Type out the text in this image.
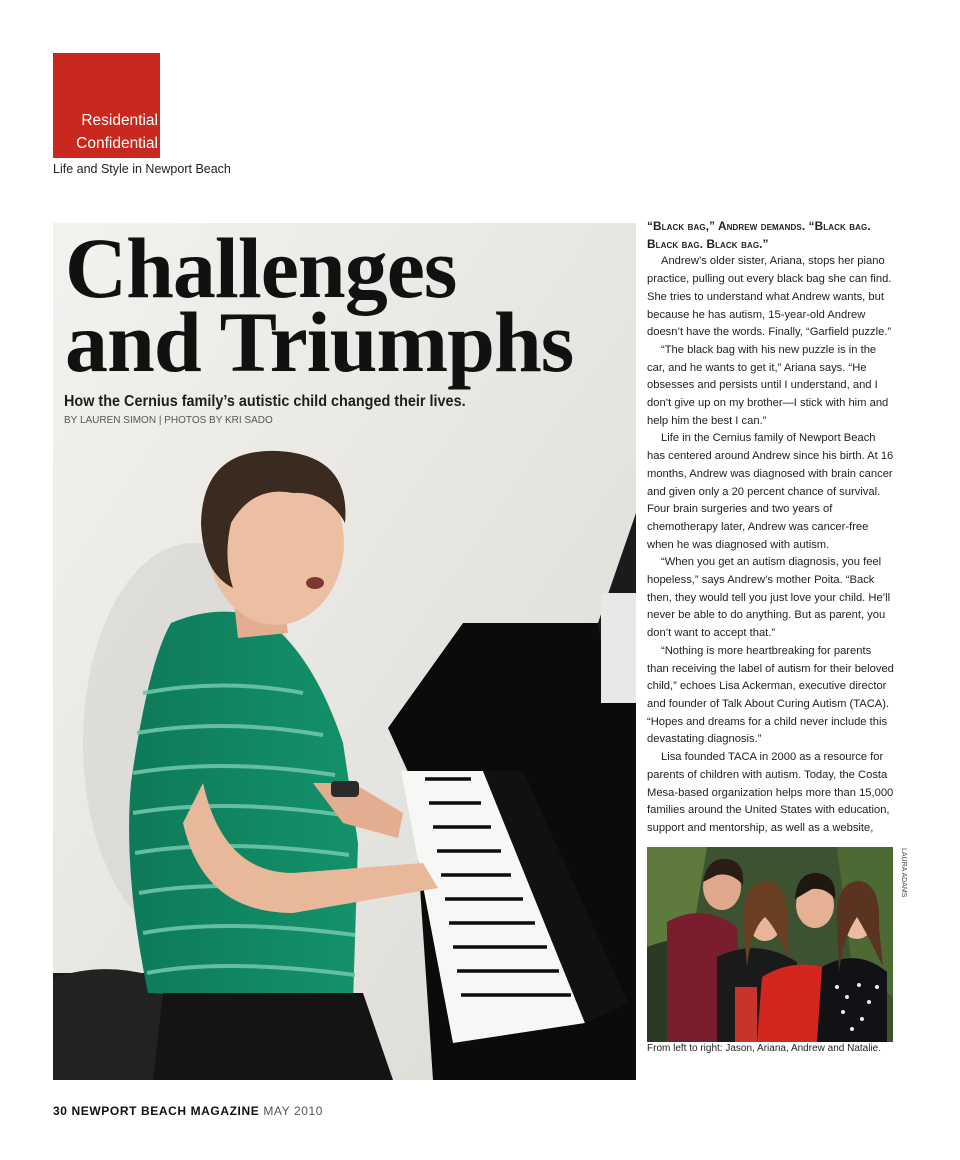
Residential
Confidential
Life and Style in Newport Beach
Challenges
and Triumphs
How the Cernius family’s autistic child changed their lives.
BY LAUREN SIMON | PHOTOS BY KRI SADO

“Black bag,” Andrew demands. “Black bag. Black bag. Black bag.”

Andrew’s older sister, Ariana, stops her piano practice, pulling out every black bag she can find. She tries to understand what Andrew wants, but because he has autism, 15-year-old Andrew doesn’t have the words. Finally, “Garfield puzzle.”

“The black bag with his new puzzle is in the car, and he wants to get it,” Ariana says. “He obsesses and persists until I understand, and I don’t give up on my brother—I stick with him and help him the best I can.”

Life in the Cernius family of Newport Beach has centered around Andrew since his birth. At 16 months, Andrew was diagnosed with brain cancer and given only a 20 percent chance of survival. Four brain surgeries and two years of chemotherapy later, Andrew was cancer-free when he was diagnosed with autism.

“When you get an autism diagnosis, you feel hopeless,” says Andrew’s mother Poita. “Back then, they would tell you just love your child. He’ll never be able to do anything. But as parent, you don’t want to accept that.”

“Nothing is more heartbreaking for parents than receiving the label of autism for their beloved child,” echoes Lisa Ackerman, executive director and founder of Talk About Curing Autism (TACA). “Hopes and dreams for a child never include this devastating diagnosis.”

Lisa founded TACA in 2000 as a resource for parents of children with autism. Today, the Costa Mesa-based organization helps more than 15,000 families around the United States with education, support and mentorship, as well as a website,

LAURA ADAMS
From left to right: Jason, Ariana, Andrew and Natalie.
30 NEWPORT BEACH MAGAZINE MAY 2010
